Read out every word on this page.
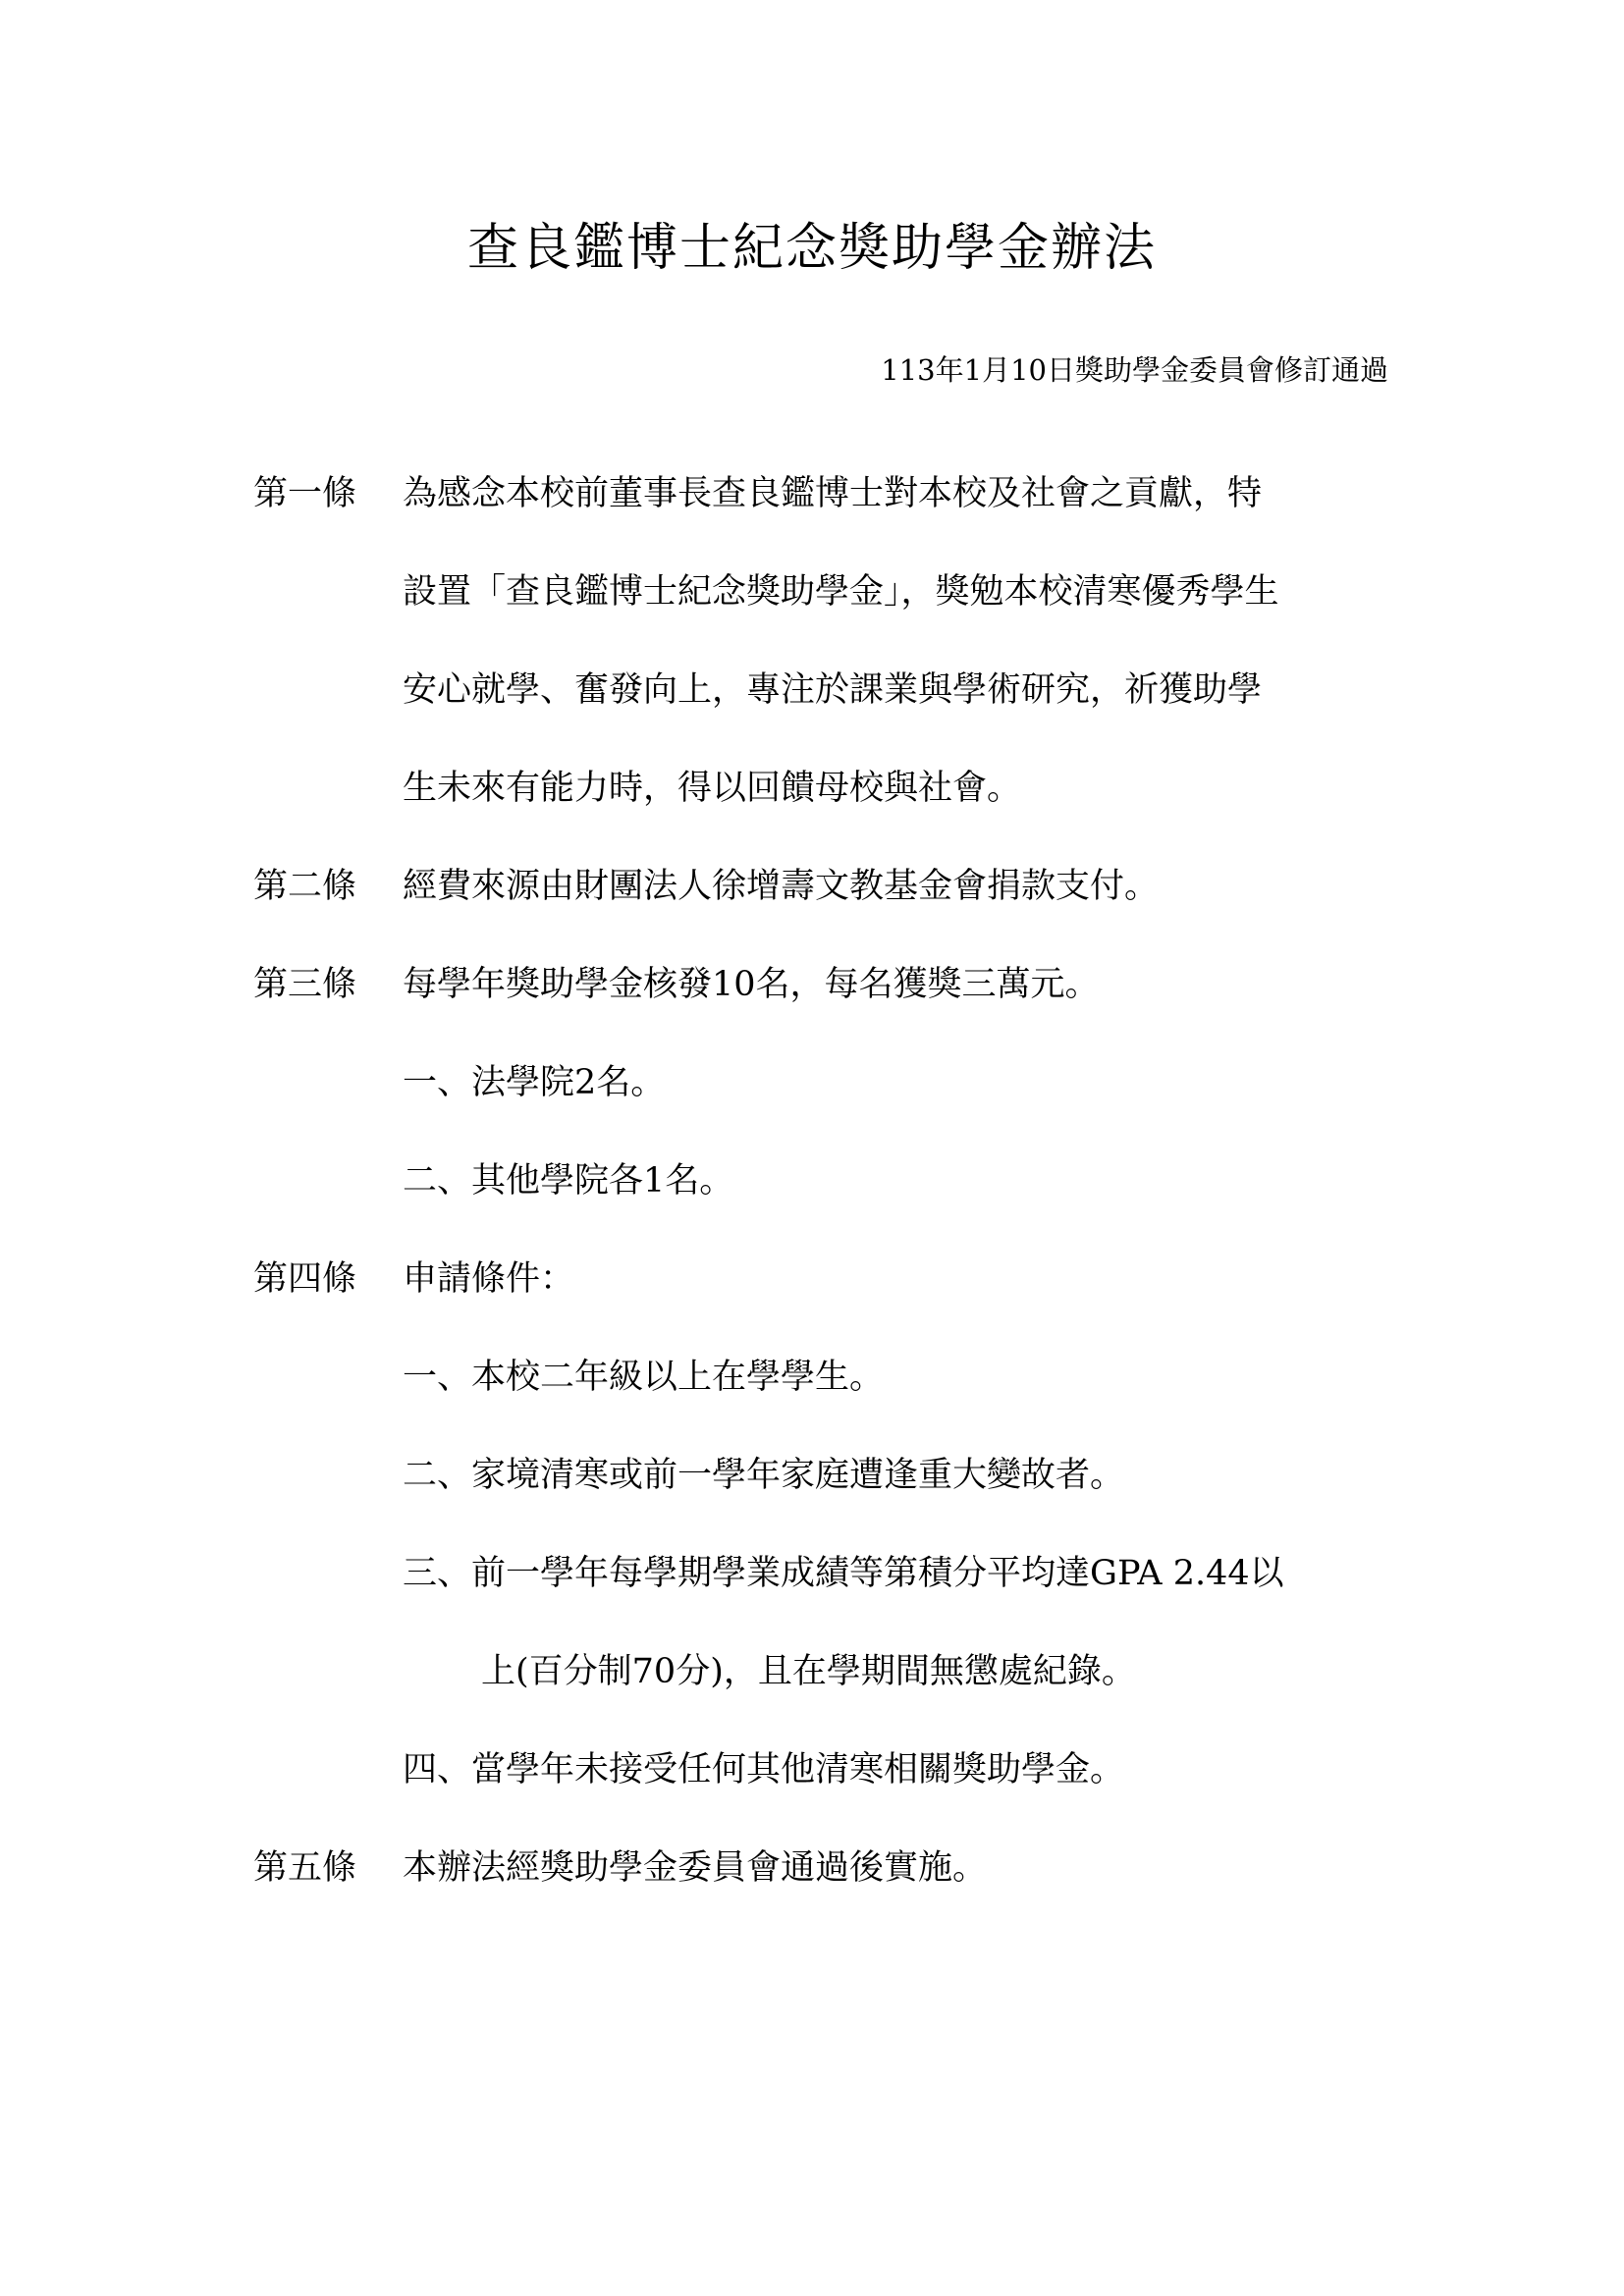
查良鑑博士紀念獎助學金辦法
113年1月10日獎助學金委員會修訂通過
第一條 為感念本校前董事長查良鑑博士對本校及社會之貢獻，特
設置「查良鑑博士紀念獎助學金」，獎勉本校清寒優秀學生
安心就學、奮發向上，專注於課業與學術研究，祈獲助學
生未來有能力時，得以回饋母校與社會。
第二條 經費來源由財團法人徐增壽文教基金會捐款支付。
第三條 每學年獎助學金核發10名，每名獲獎三萬元。
一、法學院2名。
二、其他學院各1名。
第四條 申請條件：
一、本校二年級以上在學學生。
二、家境清寒或前一學年家庭遭逢重大變故者。
三、前一學年每學期學業成績等第積分平均達GPA 2.44以
上(百分制70分)，且在學期間無懲處紀錄。
四、當學年未接受任何其他清寒相關獎助學金。
第五條 本辦法經獎助學金委員會通過後實施。
